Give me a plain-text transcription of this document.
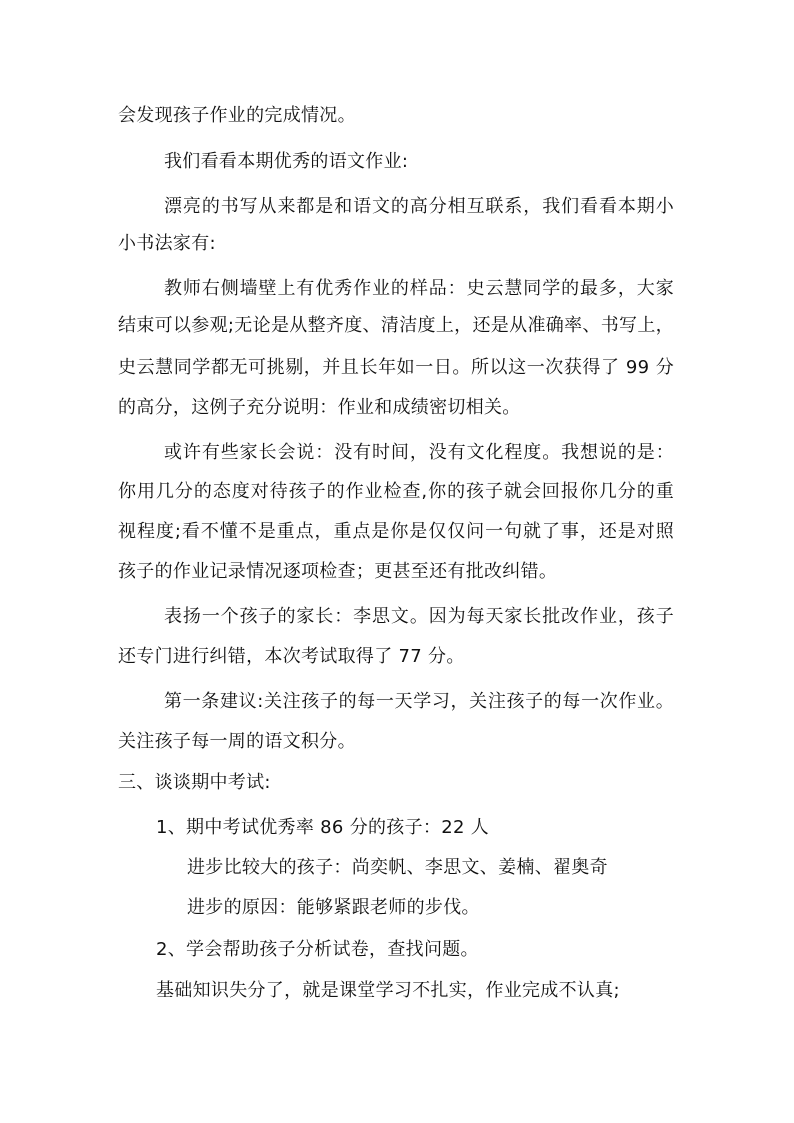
会发现孩子作业的完成情况。
我们看看本期优秀的语文作业:
漂亮的书写从来都是和语文的高分相互联系，我们看看本期小
小书法家有:
教师右侧墙壁上有优秀作业的样品：史云慧同学的最多，大家
结束可以参观;无论是从整齐度、清洁度上，还是从准确率、书写上，
史云慧同学都无可挑剔，并且长年如一日。所以这一次获得了 99 分
的高分，这例子充分说明：作业和成绩密切相关。
或许有些家长会说：没有时间，没有文化程度。我想说的是：
你用几分的态度对待孩子的作业检查,你的孩子就会回报你几分的重
视程度;看不懂不是重点，重点是你是仅仅问一句就了事，还是对照
孩子的作业记录情况逐项检查；更甚至还有批改纠错。
表扬一个孩子的家长：李思文。因为每天家长批改作业，孩子
还专门进行纠错，本次考试取得了 77 分。
第一条建议:关注孩子的每一天学习，关注孩子的每一次作业。
关注孩子每一周的语文积分。
三、谈谈期中考试:
1、期中考试优秀率 86 分的孩子：22 人
进步比较大的孩子：尚奕帆、李思文、姜楠、翟奥奇
进步的原因：能够紧跟老师的步伐。
2、学会帮助孩子分析试卷，查找问题。
基础知识失分了，就是课堂学习不扎实，作业完成不认真;
